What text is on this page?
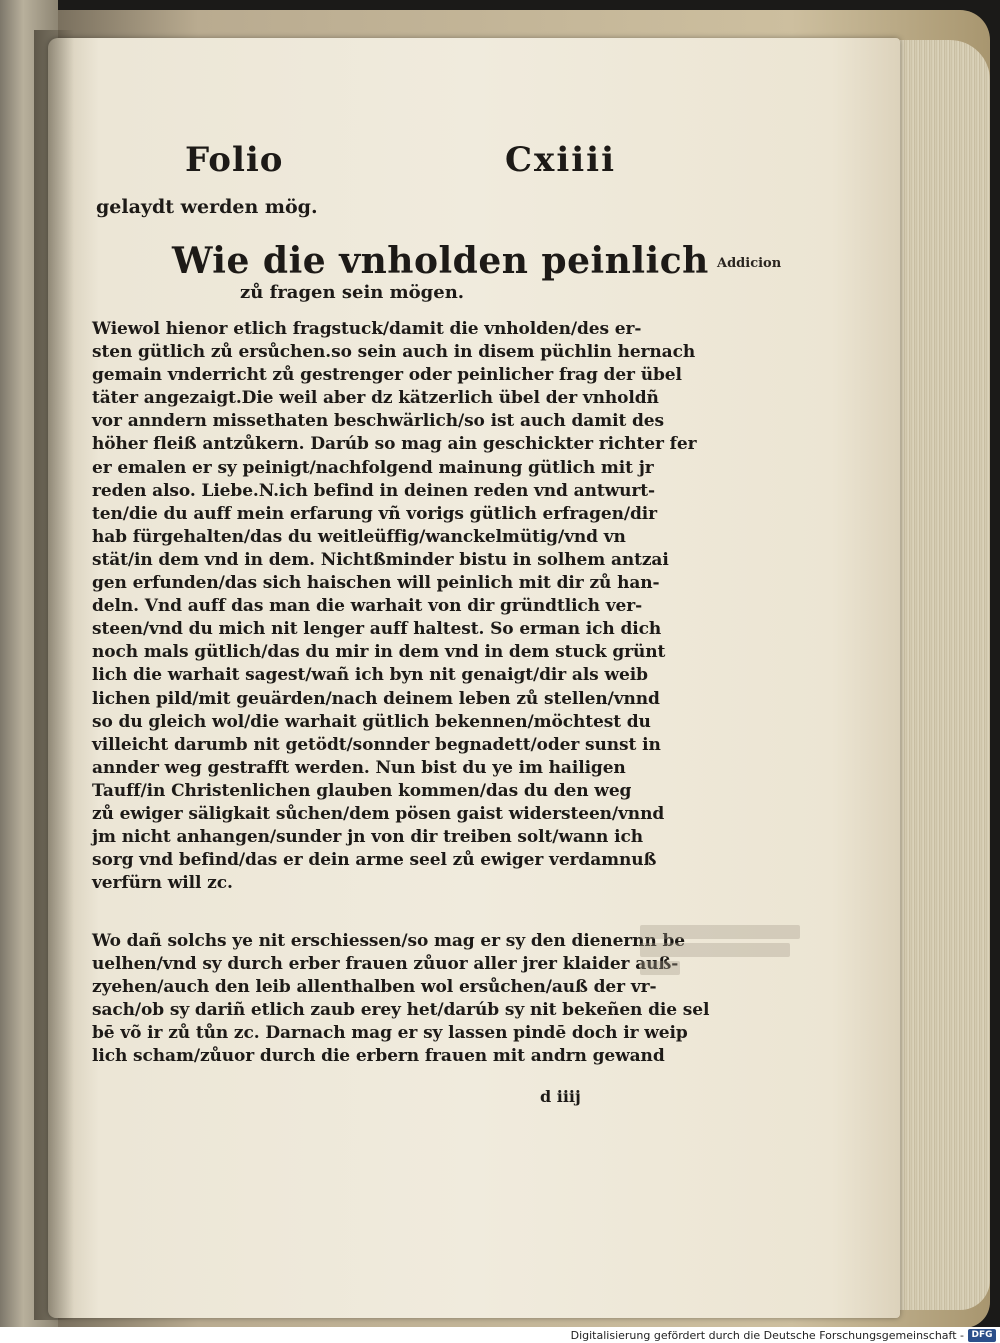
Folio	Cxiiii
gelaydt werden mög.
Wie die vnholden peinlich
zů fragen sein mögen.
Addicion
Wiewol hienor etlich fragstuck/damit die vnholden/des er-
sten gütlich zů ersůchen.so sein auch in disem püchlin hernach
gemain vnderricht zů gestrenger oder peinlicher frag der übel
täter angezaigt.Die weil aber dz kätzerlich übel der vnholdñ
vor anndern missethaten beschwärlich/so ist auch damit des
höher fleiß antzůkern. Darúb so mag ain geschickter richter fer
er emalen er sy peinigt/nachfolgend mainung gütlich mit jr
reden also. Liebe.N.ich befind in deinen reden vnd antwurt-
ten/die du auff mein erfarung vñ vorigs gütlich erfragen/dir
hab fürgehalten/das du weitleüffig/wanckelmütig/vnd vn
stät/in dem vnd in dem. Nichtßminder bistu in solhem antzai
gen erfunden/das sich haischen will peinlich mit dir zů han-
deln. Vnd auff das man die warhait von dir gründtlich ver-
steen/vnd du mich nit lenger auff haltest. So erman ich dich
noch mals gütlich/das du mir in dem vnd in dem stuck grünt
lich die warhait sagest/wañ ich byn nit genaigt/dir als weib
lichen pild/mit geuärden/nach deinem leben zů stellen/vnnd
so du gleich wol/die warhait gütlich bekennen/möchtest du
villeicht darumb nit getödt/sonnder begnadett/oder sunst in
annder weg gestrafft werden. Nun bist du ye im hailigen
Tauff/in Christenlichen glauben kommen/das du den weg
zů ewiger säligkait sůchen/dem pösen gaist widersteen/vnnd
jm nicht anhangen/sunder jn von dir treiben solt/wann ich
sorg vnd befind/das er dein arme seel zů ewiger verdamnuß
verfürn will zc.
Wo dañ solchs ye nit erschiessen/so mag er sy den dienernn be
uelhen/vnd sy durch erber frauen zůuor aller jrer klaider auß-
zyehen/auch den leib allenthalben wol ersůchen/auß der vr-
sach/ob sy dariñ etlich zaub erey het/darúb sy nit bekeñen die sel
bē võ ir zů tůn zc. Darnach mag er sy lassen pindē doch ir weip
lich scham/zůuor durch die erbern frauen mit andrn gewand
d iiij
Digitalisierung gefördert durch die Deutsche Forschungsgemeinschaft - DFG
